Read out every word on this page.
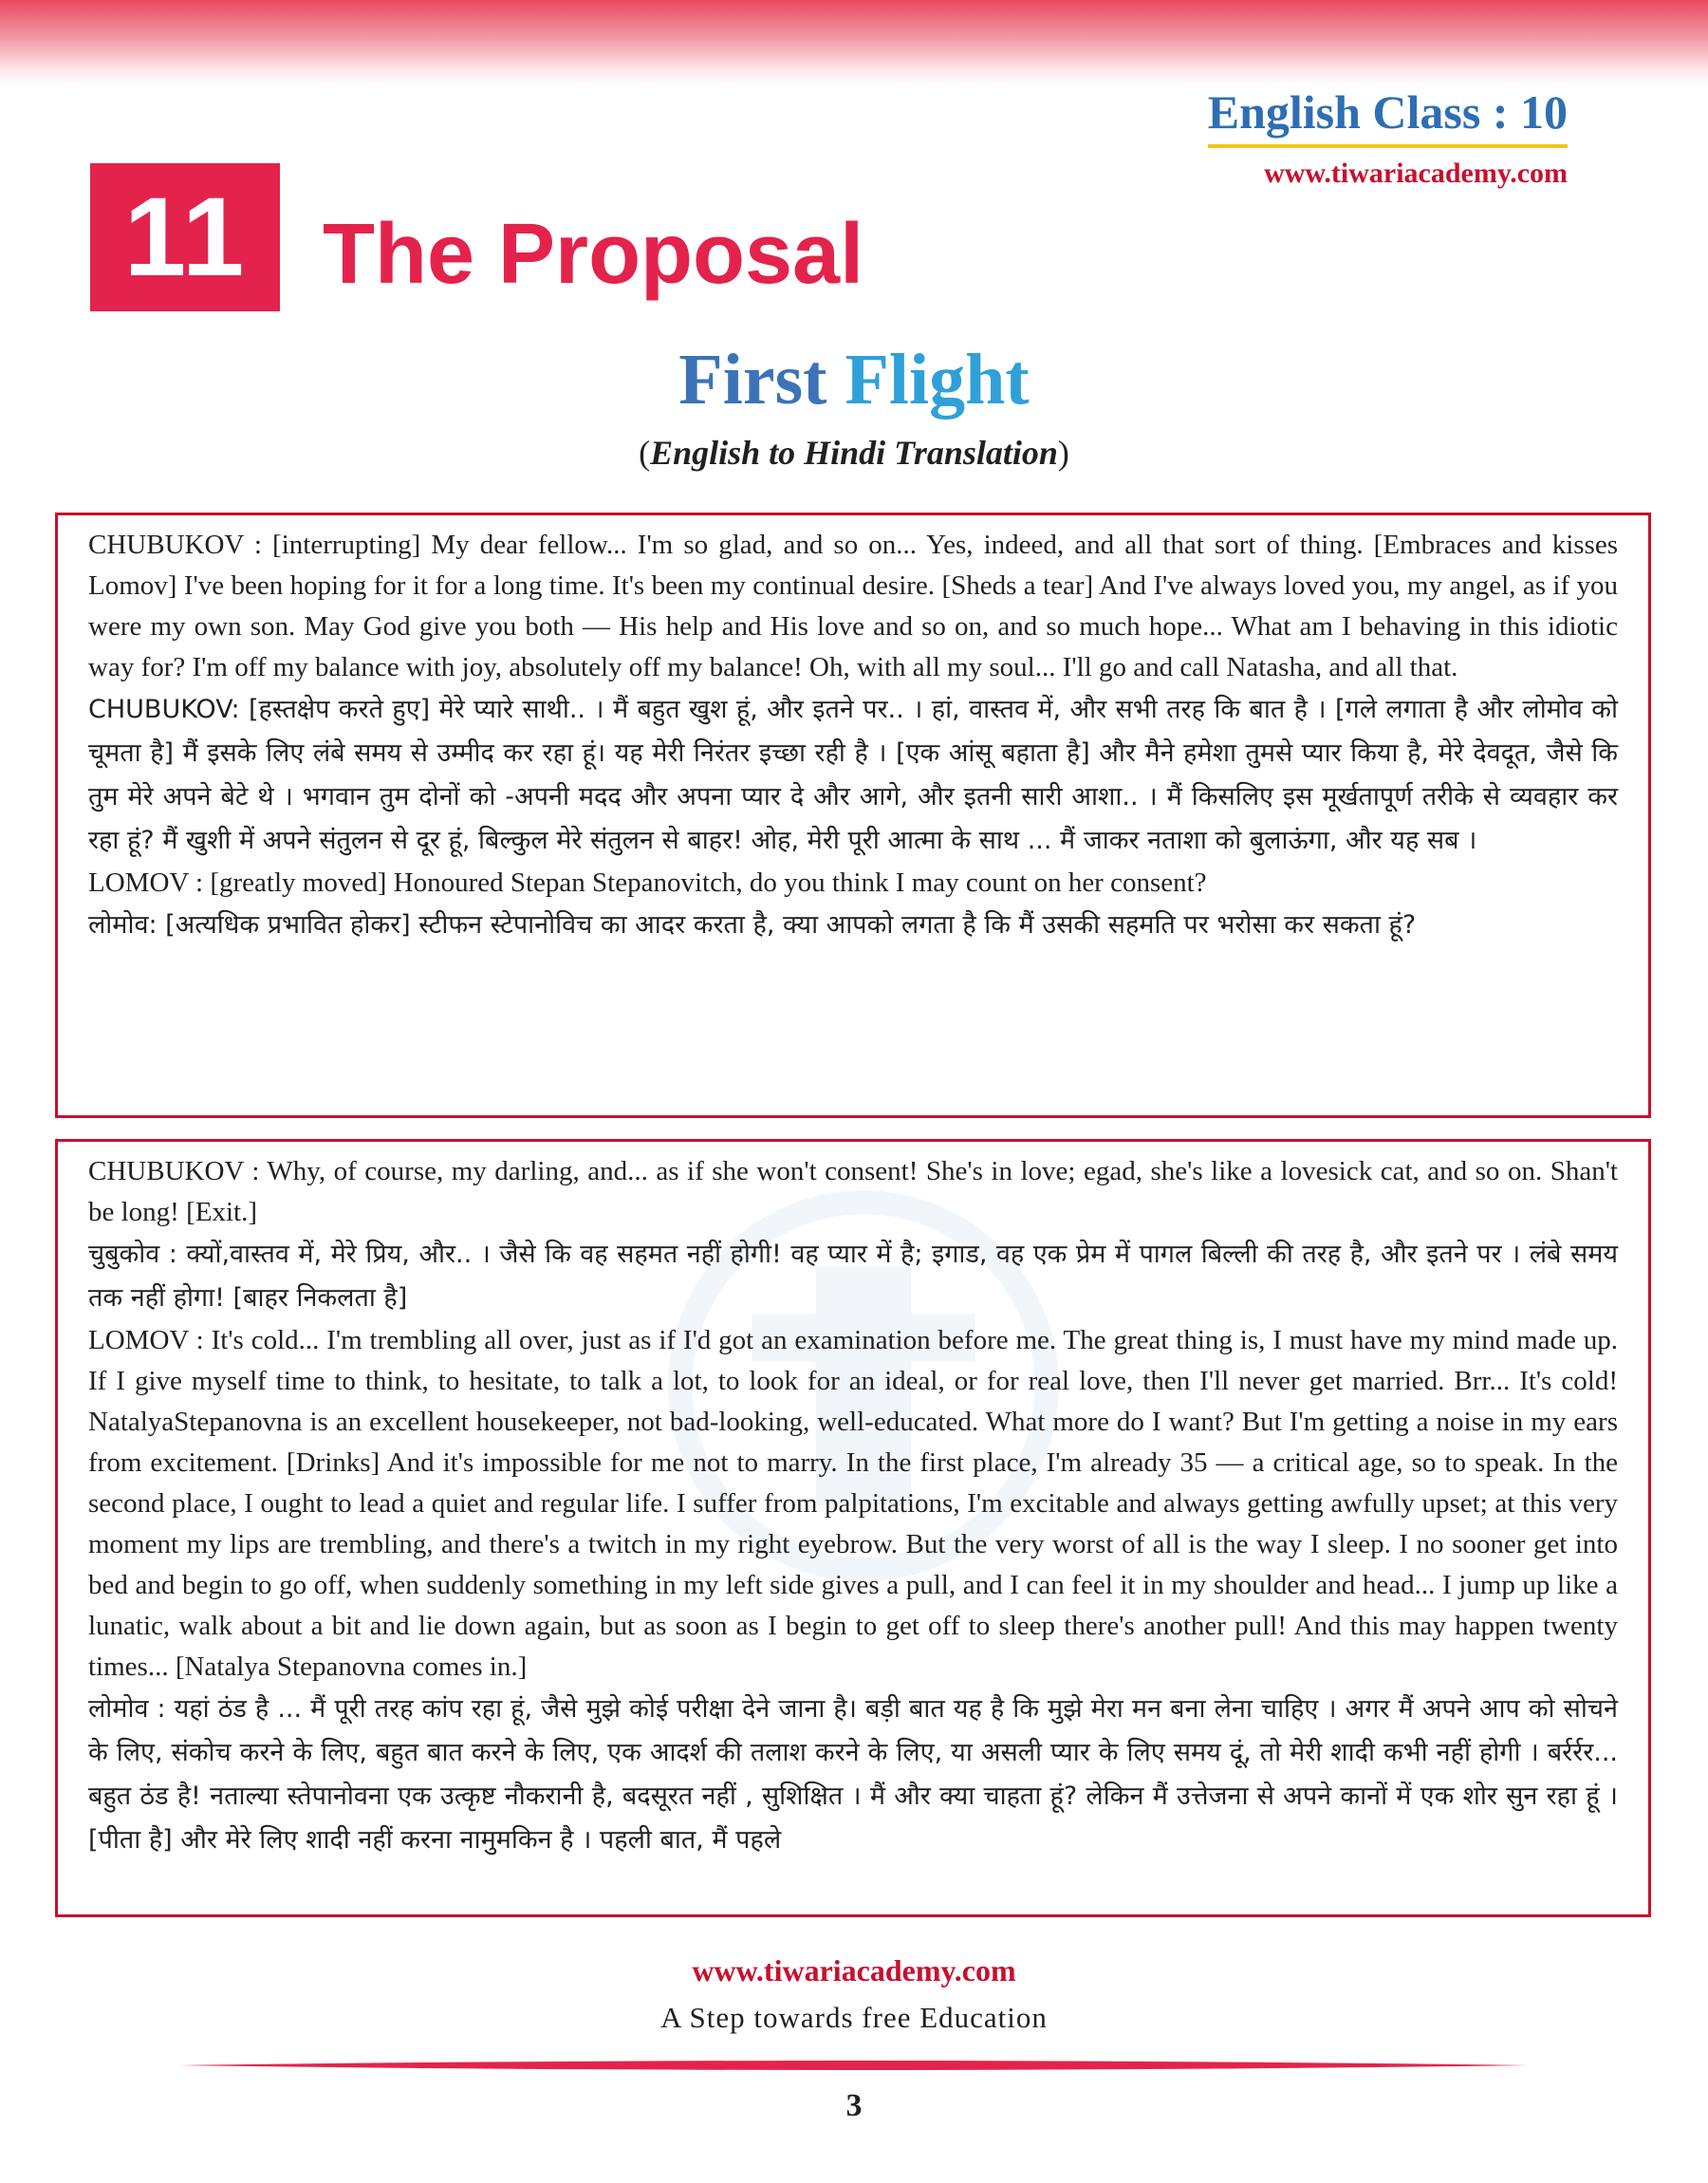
English Class : 10
www.tiwariacademy.com
11 The Proposal
First Flight
(English to Hindi Translation)

CHUBUKOV : [interrupting] My dear fellow... I'm so glad, and so on... Yes, indeed, and all that sort of thing. [Embraces and kisses Lomov] I've been hoping for it for a long time. It's been my continual desire. [Sheds a tear] And I've always loved you, my angel, as if you were my own son. May God give you both — His help and His love and so on, and so much hope... What am I behaving in this idiotic way for? I'm off my balance with joy, absolutely off my balance! Oh, with all my soul... I'll go and call Natasha, and all that.

CHUBUKOV: [हस्तक्षेप करते हुए] मेरे प्यारे साथी.. । मैं बहुत खुश हूं, और इतने पर.. । हां, वास्तव में, और सभी तरह कि बात है । [गले लगाता है और लोमोव को चूमता है] मैं इसके लिए लंबे समय से उम्मीद कर रहा हूं। यह मेरी निरंतर इच्छा रही है । [एक आंसू बहाता है] और मैने हमेशा तुमसे प्यार किया है, मेरे देवदूत, जैसे कि तुम मेरे अपने बेटे थे । भगवान तुम दोनों को -अपनी मदद और अपना प्यार दे और आगे, और इतनी सारी आशा.. । मैं किसलिए इस मूर्खतापूर्ण तरीके से व्यवहार कर रहा हूं? मैं खुशी में अपने संतुलन से दूर हूं, बिल्कुल मेरे संतुलन से बाहर! ओह, मेरी पूरी आत्मा के साथ ... मैं जाकर नताशा को बुलाऊंगा, और यह सब ।

LOMOV : [greatly moved] Honoured Stepan Stepanovitch, do you think I may count on her consent?

लोमोव: [अत्यधिक प्रभावित होकर] स्टीफन स्टेपानोविच का आदर करता है, क्या आपको लगता है कि मैं उसकी सहमति पर भरोसा कर सकता हूं?

CHUBUKOV : Why, of course, my darling, and... as if she won't consent! She's in love; egad, she's like a lovesick cat, and so on. Shan't be long! [Exit.]

चुबुकोव : क्यों,वास्तव में, मेरे प्रिय, और.. । जैसे कि वह सहमत नहीं होगी! वह प्यार में है; इगाड, वह एक प्रेम में पागल बिल्ली की तरह है, और इतने पर । लंबे समय तक नहीं होगा! [बाहर निकलता है]

LOMOV : It's cold... I'm trembling all over, just as if I'd got an examination before me. The great thing is, I must have my mind made up. If I give myself time to think, to hesitate, to talk a lot, to look for an ideal, or for real love, then I'll never get married. Brr... It's cold! NatalyaStepanovna is an excellent housekeeper, not bad-looking, well-educated. What more do I want? But I'm getting a noise in my ears from excitement. [Drinks] And it's impossible for me not to marry. In the first place, I'm already 35 — a critical age, so to speak. In the second place, I ought to lead a quiet and regular life. I suffer from palpitations, I'm excitable and always getting awfully upset; at this very moment my lips are trembling, and there's a twitch in my right eyebrow. But the very worst of all is the way I sleep. I no sooner get into bed and begin to go off, when suddenly something in my left side gives a pull, and I can feel it in my shoulder and head... I jump up like a lunatic, walk about a bit and lie down again, but as soon as I begin to get off to sleep there's another pull! And this may happen twenty times... [Natalya Stepanovna comes in.]

लोमोव : यहां ठंड है ... मैं पूरी तरह कांप रहा हूं, जैसे मुझे कोई परीक्षा देने जाना है। बड़ी बात यह है कि मुझे मेरा मन बना लेना चाहिए । अगर मैं अपने आप को सोचने के लिए, संकोच करने के लिए, बहुत बात करने के लिए, एक आदर्श की तलाश करने के लिए, या असली प्यार के लिए समय दूं, तो मेरी शादी कभी नहीं होगी । बर्रर्रर... बहुत ठंड है! नताल्या स्तेपानोवना एक उत्कृष्ट नौकरानी है, बदसूरत नहीं , सुशिक्षित । मैं और क्या चाहता हूं? लेकिन मैं उत्तेजना से अपने कानों में एक शोर सुन रहा हूं । [पीता है] और मेरे लिए शादी नहीं करना नामुमकिन है । पहली बात, मैं पहले

www.tiwariacademy.com
A Step towards free Education
3
